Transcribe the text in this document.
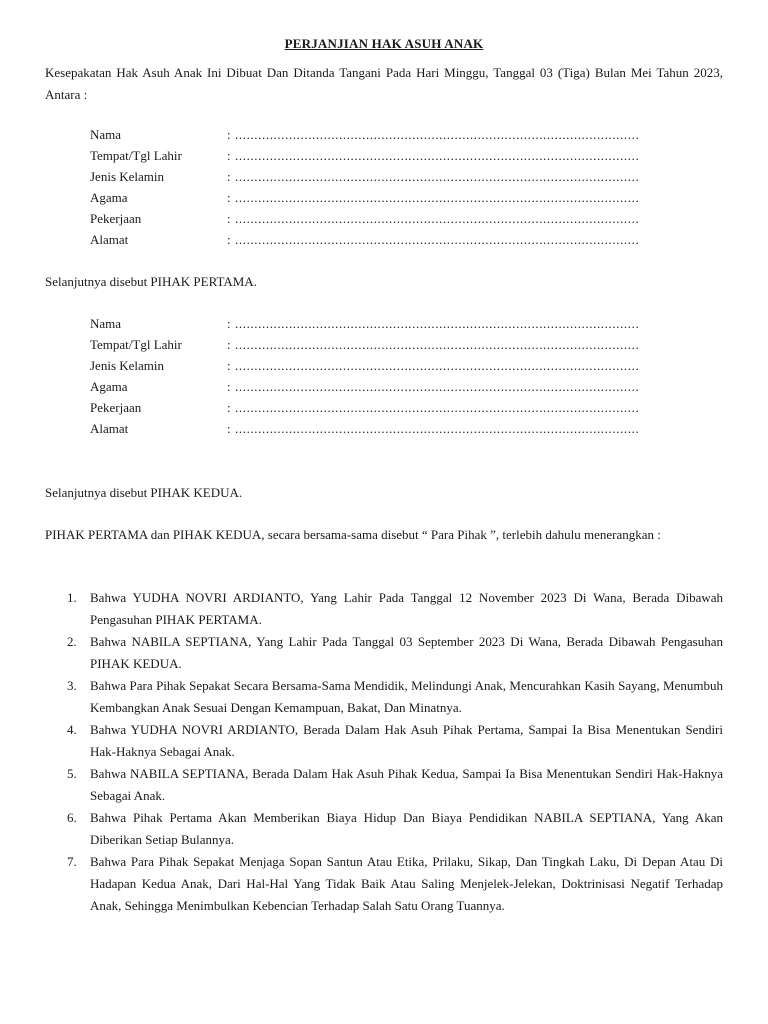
PERJANJIAN HAK ASUH ANAK

Kesepakatan Hak Asuh Anak Ini Dibuat Dan Ditanda Tangani Pada Hari Minggu, Tanggal 03 (Tiga) Bulan Mei Tahun 2023, Antara :

Nama	: .........................................................................................................
Tempat/Tgl Lahir	: .........................................................................................................
Jenis Kelamin	: .........................................................................................................
Agama	: .........................................................................................................
Pekerjaan	: .........................................................................................................
Alamat	: .........................................................................................................

Selanjutnya disebut PIHAK PERTAMA.

Nama	: .........................................................................................................
Tempat/Tgl Lahir	: .........................................................................................................
Jenis Kelamin	: .........................................................................................................
Agama	: .........................................................................................................
Pekerjaan	: .........................................................................................................
Alamat	: .........................................................................................................

Selanjutnya disebut PIHAK KEDUA.

PIHAK PERTAMA dan PIHAK KEDUA, secara bersama-sama disebut “ Para Pihak ”, terlebih dahulu menerangkan :

1. Bahwa YUDHA NOVRI ARDIANTO, Yang Lahir Pada Tanggal 12 November 2023 Di Wana, Berada Dibawah Pengasuhan PIHAK PERTAMA.
2. Bahwa NABILA SEPTIANA, Yang Lahir Pada Tanggal 03 September 2023 Di Wana, Berada Dibawah Pengasuhan PIHAK KEDUA.
3. Bahwa Para Pihak Sepakat Secara Bersama-Sama Mendidik, Melindungi Anak, Mencurahkan Kasih Sayang, Menumbuh Kembangkan Anak Sesuai Dengan Kemampuan, Bakat, Dan Minatnya.
4. Bahwa YUDHA NOVRI ARDIANTO, Berada Dalam Hak Asuh Pihak Pertama, Sampai Ia Bisa Menentukan Sendiri Hak-Haknya Sebagai Anak.
5. Bahwa NABILA SEPTIANA, Berada Dalam Hak Asuh Pihak Kedua, Sampai Ia Bisa Menentukan Sendiri Hak-Haknya Sebagai Anak.
6. Bahwa Pihak Pertama Akan Memberikan Biaya Hidup Dan Biaya Pendidikan NABILA SEPTIANA, Yang Akan Diberikan Setiap Bulannya.
7. Bahwa Para Pihak Sepakat Menjaga Sopan Santun Atau Etika, Prilaku, Sikap, Dan Tingkah Laku, Di Depan Atau Di Hadapan Kedua Anak, Dari Hal-Hal Yang Tidak Baik Atau Saling Menjelek-Jelekan, Doktrinisasi Negatif Terhadap Anak, Sehingga Menimbulkan Kebencian Terhadap Salah Satu Orang Tuannya.
